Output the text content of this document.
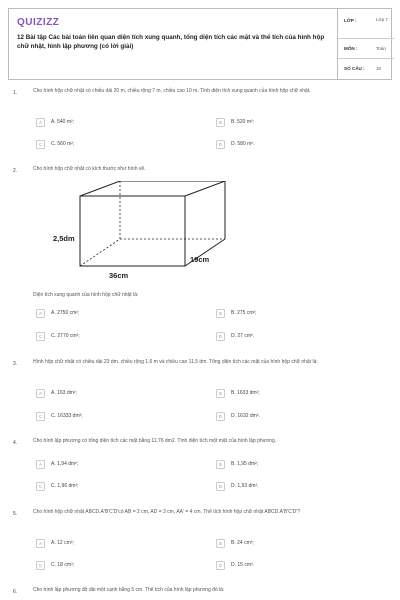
QUIZIZZ
12 Bài tập Các bài toán liên quan diện tích xung quanh, tổng diện tích các mặt và thể tích của hình hộp chữ nhật, hình lập phương (có lời giải)
LỚP :	Lớp 7
MÔN :	Toán
SỐ CÂU : 10
1.	Cho hình hộp chữ nhật có chiều dài 20 m, chiều rộng 7 m, chiều cao 10 m. Tính diện tích xung quanh của hình hộp chữ nhật.
A	A. 540 m²;	B	B. 520 m²;
C	C. 560 m²;	D	D. 580 m².
2.	Cho hình hộp chữ nhật có kích thước như hình vẽ.
2,5dm
19cm
36cm
Diện tích xung quanh của hình hộp chữ nhật là:
A	A. 2750 cm²;	B	B. 275 cm²;
C	C. 2770 cm²;	D	D. 27 cm².
3.	Hình hộp chữ nhật có chiều dài 23 dm, chiều rộng 1,6 m và chiều cao 11,5 dm. Tổng diện tích các mặt của hình hộp chữ nhật là:
A	A. 163 dm²;	B	B. 1633 dm²;
C	C. 16333 dm²;	D	D. 1632 dm².
4.	Cho hình lập phương có tổng diện tích các mặt bằng 11,76 dm2. Tính diện tích một mặt của hình lập phương.
A	A. 1,94 dm²;	B	B. 1,95 dm²;
C	C. 1,96 dm²;	D	D. 1,93 dm².
5.	Cho hình hộp chữ nhật ABCD.A'B'C'D'có AB = 2 cm, AD = 3 cm, AA' = 4 cm. Thể tích hình hộp chữ nhật ABCD.A'B'C'D'?
A	A. 12 cm³;	B	B. 24 cm³;
C	C. 18 cm³;	D	D. 15 cm³.
6.	Cho hình lập phương độ dài một cạnh bằng 5 cm. Thể tích của hình lập phương đó là:
